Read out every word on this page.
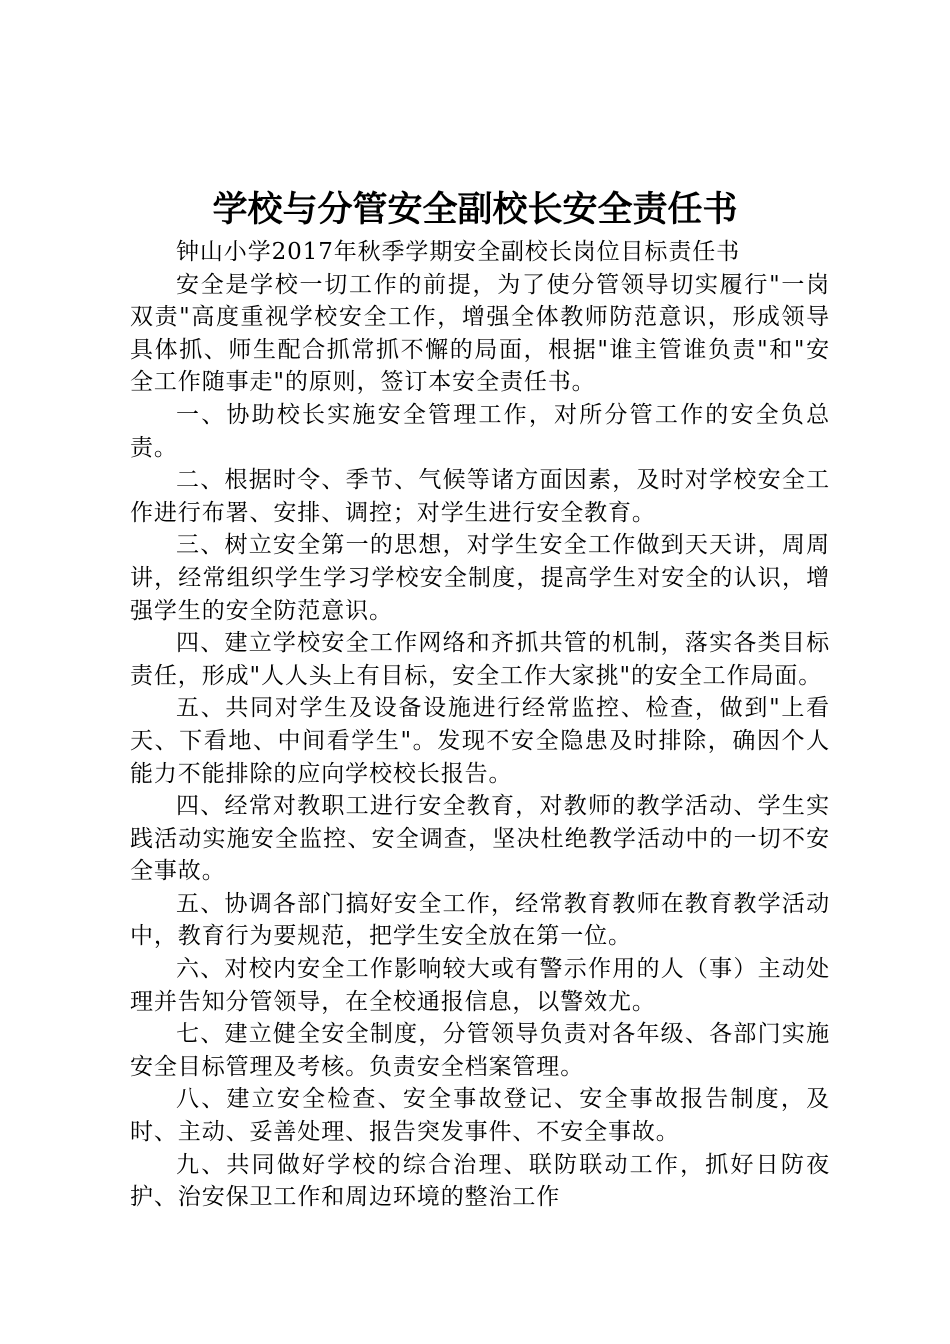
学校与分管安全副校长安全责任书

钟山小学2017年秋季学期安全副校长岗位目标责任书

安全是学校一切工作的前提，为了使分管领导切实履行"一岗双责"高度重视学校安全工作，增强全体教师防范意识，形成领导具体抓、师生配合抓常抓不懈的局面，根据"谁主管谁负责"和"安全工作随事走"的原则，签订本安全责任书。

一、协助校长实施安全管理工作，对所分管工作的安全负总责。

二、根据时令、季节、气候等诸方面因素，及时对学校安全工作进行布署、安排、调控；对学生进行安全教育。

三、树立安全第一的思想，对学生安全工作做到天天讲，周周讲，经常组织学生学习学校安全制度，提高学生对安全的认识，增强学生的安全防范意识。

四、建立学校安全工作网络和齐抓共管的机制，落实各类目标责任，形成"人人头上有目标，安全工作大家挑"的安全工作局面。

五、共同对学生及设备设施进行经常监控、检查，做到"上看天、下看地、中间看学生"。发现不安全隐患及时排除，确因个人能力不能排除的应向学校校长报告。

四、经常对教职工进行安全教育，对教师的教学活动、学生实践活动实施安全监控、安全调查，坚决杜绝教学活动中的一切不安全事故。

五、协调各部门搞好安全工作，经常教育教师在教育教学活动中，教育行为要规范，把学生安全放在第一位。

六、对校内安全工作影响较大或有警示作用的人（事）主动处理并告知分管领导，在全校通报信息，以警效尤。

七、建立健全安全制度，分管领导负责对各年级、各部门实施安全目标管理及考核。负责安全档案管理。

八、建立安全检查、安全事故登记、安全事故报告制度，及时、主动、妥善处理、报告突发事件、不安全事故。

九、共同做好学校的综合治理、联防联动工作，抓好日防夜护、治安保卫工作和周边环境的整治工作
